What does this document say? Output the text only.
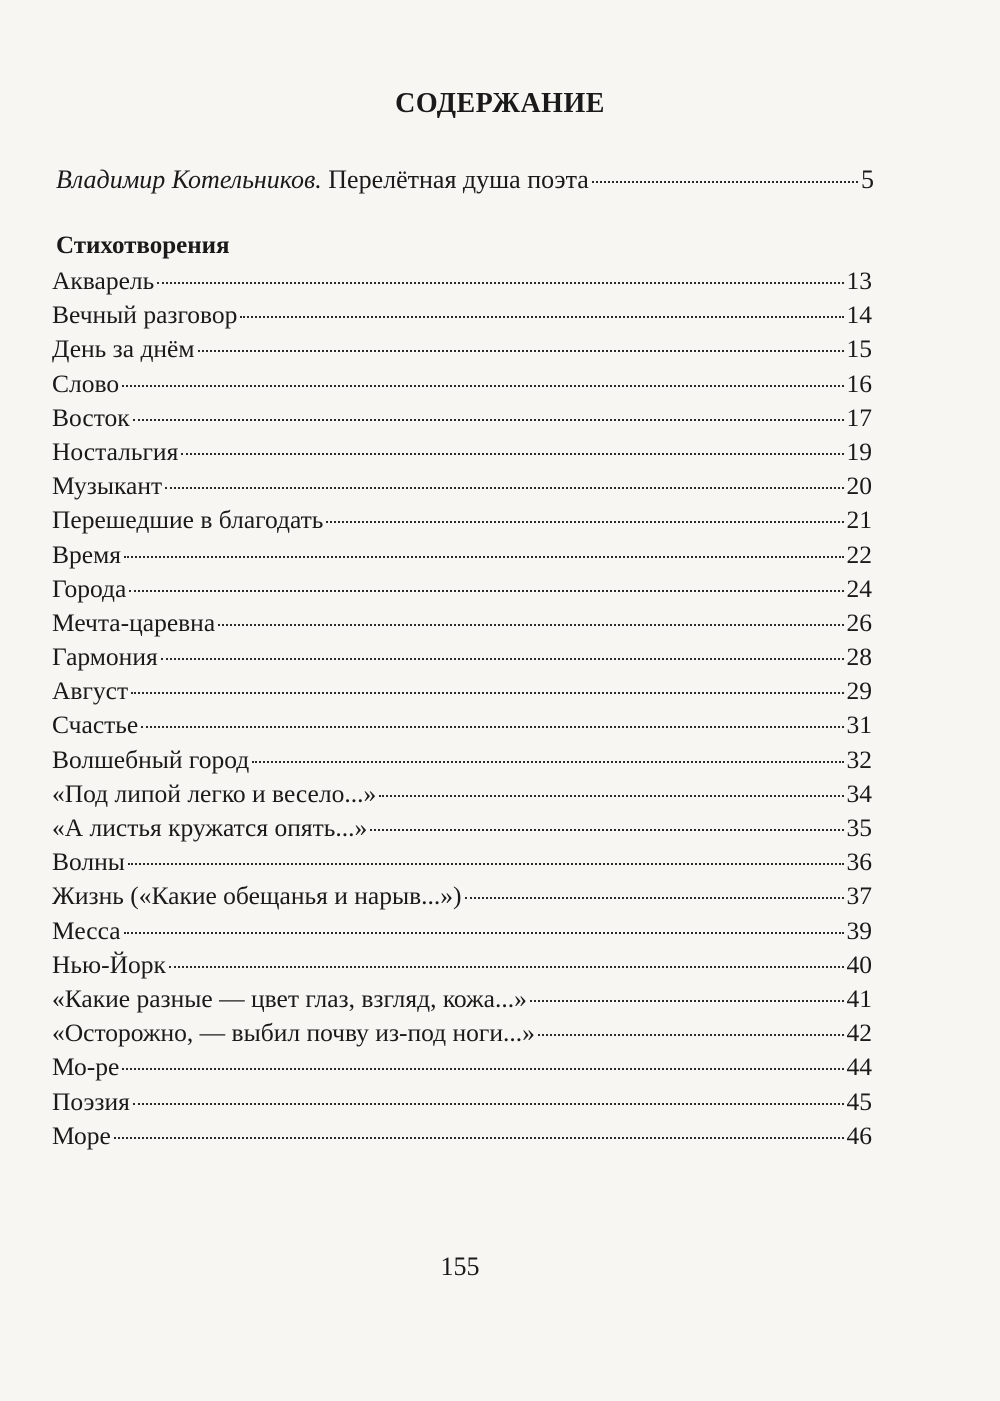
СОДЕРЖАНИЕ
Владимир Котельников.
Перелётная душа поэта	5
Стихотворения
Акварель	13
Вечный разговор	14
День за днём	15
Слово	16
Восток	17
Ностальгия	19
Музыкант	20
Перешедшие в благодать	21
Время	22
Города	24
Мечта-царевна	26
Гармония	28
Август	29
Счастье	31
Волшебный город	32
«Под липой легко и весело...»	34
«А листья кружатся опять...»	35
Волны	36
Жизнь («Какие обещанья и нарыв...»)	37
Месса	39
Нью-Йорк	40
«Какие разные — цвет глаз, взгляд, кожа...»	41
«Осторожно, — выбил почву из-под ноги...»	42
Мо-ре	44
Поэзия	45
Море	46
155
